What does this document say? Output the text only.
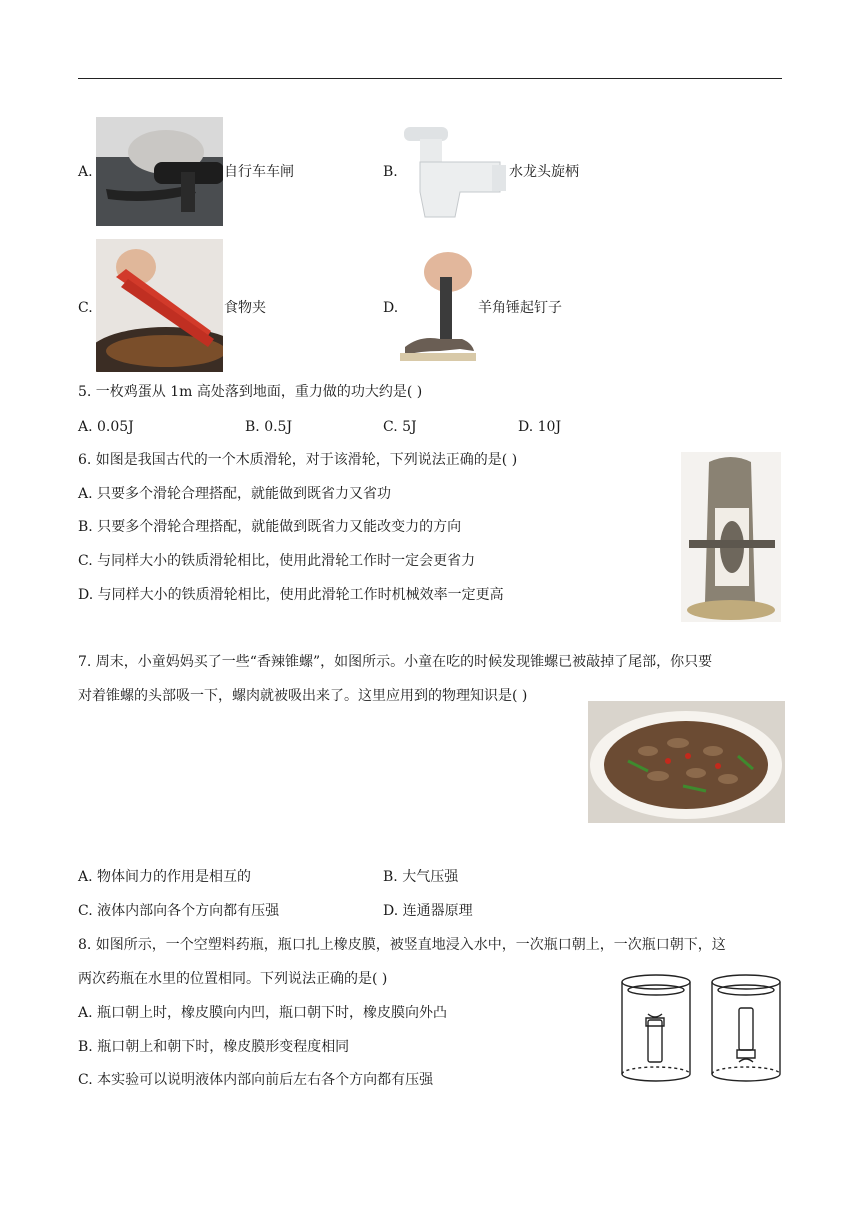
A.	自行车车闸	B.	水龙头旋柄
C.	食物夹	D.	羊角锤起钉子
5. 一枚鸡蛋从 1m 高处落到地面，重力做的功大约是( )
A. 0.05J	B. 0.5J	C. 5J	D. 10J
6. 如图是我国古代的一个木质滑轮，对于该滑轮，下列说法正确的是( )
A. 只要多个滑轮合理搭配，就能做到既省力又省功
B. 只要多个滑轮合理搭配，就能做到既省力又能改变力的方向
C. 与同样大小的铁质滑轮相比，使用此滑轮工作时一定会更省力
D. 与同样大小的铁质滑轮相比，使用此滑轮工作时机械效率一定更高
7. 周末，小童妈妈买了一些“香辣锥螺”，如图所示。小童在吃的时候发现锥螺已被敲掉了尾部，你只要
对着锥螺的头部吸一下，螺肉就被吸出来了。这里应用到的物理知识是( )
A. 物体间力的作用是相互的	B. 大气压强
C. 液体内部向各个方向都有压强	D. 连通器原理
8. 如图所示，一个空塑料药瓶，瓶口扎上橡皮膜，被竖直地浸入水中，一次瓶口朝上，一次瓶口朝下，这
两次药瓶在水里的位置相同。下列说法正确的是( )
A. 瓶口朝上时，橡皮膜向内凹，瓶口朝下时，橡皮膜向外凸
B. 瓶口朝上和朝下时，橡皮膜形变程度相同
C. 本实验可以说明液体内部向前后左右各个方向都有压强
